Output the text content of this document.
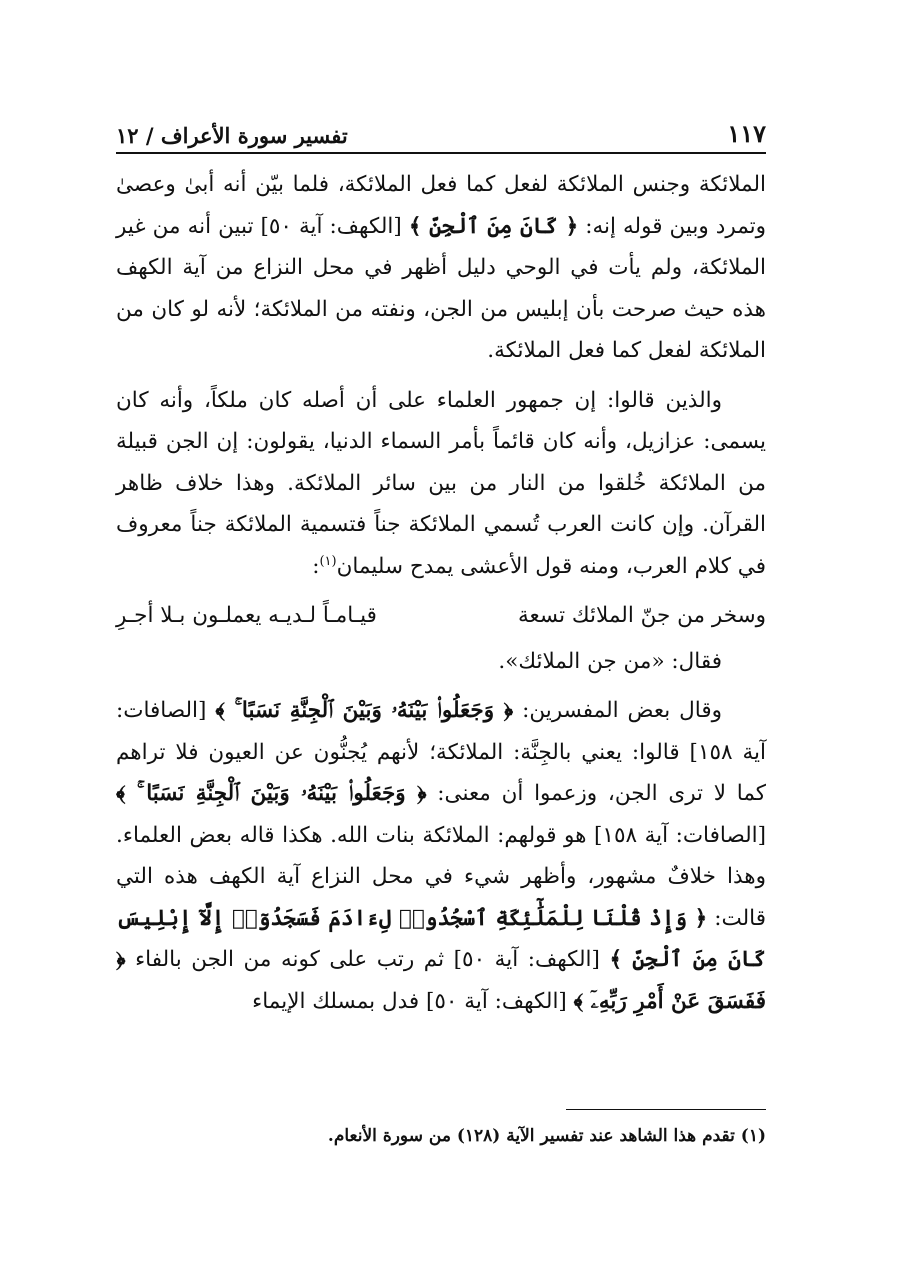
تفسير سورة الأعراف / ١٢	١١٧

الملائكة وجنس الملائكة لفعل كما فعل الملائكة، فلما بيّن أنه أبىٰ وعصىٰ وتمرد وبين قوله إنه: ﴿ كَانَ مِنَ ٱلْجِنِّ ﴾ [الكهف: آية ٥٠] تبين أنه من غير الملائكة، ولم يأت في الوحي دليل أظهر في محل النزاع من آية الكهف هذه حيث صرحت بأن إبليس من الجن، ونفته من الملائكة؛ لأنه لو كان من الملائكة لفعل كما فعل الملائكة.

والذين قالوا: إن جمهور العلماء على أن أصله كان ملكاً، وأنه كان يسمى: عزازيل، وأنه كان قائماً بأمر السماء الدنيا، يقولون: إن الجن قبيلة من الملائكة خُلقوا من النار من بين سائر الملائكة. وهذا خلاف ظاهر القرآن. وإن كانت العرب تُسمي الملائكة جناً فتسمية الملائكة جناً معروف في كلام العرب، ومنه قول الأعشى يمدح سليمان$^{(١)}$:

وسخر من جنّ الملائك تسعة
قيـامـاً لـديـه يعملـون بـلا أجـرِ

فقال: «من جن الملائك».

وقال بعض المفسرين: ﴿ وَجَعَلُوا۟ بَيْنَهُۥ وَبَيْنَ ٱلْجِنَّةِ نَسَبًا ۚ ﴾ [الصافات: آية ١٥٨] قالوا: يعني بالجِنَّة: الملائكة؛ لأنهم يُجنُّون عن العيون فلا تراهم كما لا ترى الجن، وزعموا أن معنى: ﴿ وَجَعَلُوا۟ بَيْنَهُۥ وَبَيْنَ ٱلْجِنَّةِ نَسَبًا ۚ ﴾ [الصافات: آية ١٥٨] هو قولهم: الملائكة بنات الله. هكذا قاله بعض العلماء. وهذا خلافٌ مشهور، وأظهر شيء في محل النزاع آية الكهف هذه التي قالت: ﴿ وَإِذْ قُلْنَا لِلْمَلَٰٓئِكَةِ ٱسْجُدُوا۟ لِءَادَمَ فَسَجَدُوٓا۟ إِلَّآ إِبْلِيسَ كَانَ مِنَ ٱلْجِنِّ ﴾ [الكهف: آية ٥٠] ثم رتب على كونه من الجن بالفاء ﴿ فَفَسَقَ عَنْ أَمْرِ رَبِّهِۦٓ ﴾ [الكهف: آية ٥٠] فدل بمسلك الإيماء

(١) تقدم هذا الشاهد عند تفسير الآية (١٢٨) من سورة الأنعام.
